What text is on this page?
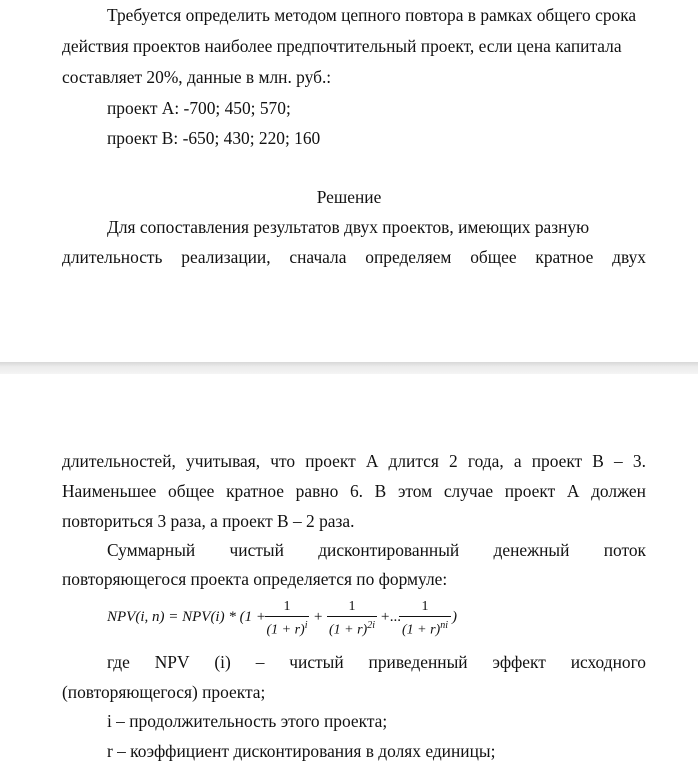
Требуется определить методом цепного повтора в рамках общего срока
действия проектов наиболее предпочтительный проект, если цена капитала
составляет 20%, данные в млн. руб.:
проект А: -700; 450; 570;
проект В: -650; 430; 220; 160
Решение
Для сопоставления результатов двух проектов, имеющих разную
длительность реализации, сначала определяем общее кратное двух
длительностей, учитывая, что проект А длится 2 года, а проект В – 3.
Наименьшее общее кратное равно 6. В этом случае проект А должен
повториться 3 раза, а проект В – 2 раза.
Суммарный чистый дисконтированный денежный поток
повторяющегося проекта определяется по формуле:
NPV(i, n) = NPV(i) * (1 +
1
$(1 + r)^i$
+
1
$(1 + r)^{2i}$
+...
1
$(1 + r)^{ni}$
)
где NPV (i) – чистый приведенный эффект исходного
(повторяющегося) проекта;
i – продолжительность этого проекта;
r – коэффициент дисконтирования в долях единицы;
